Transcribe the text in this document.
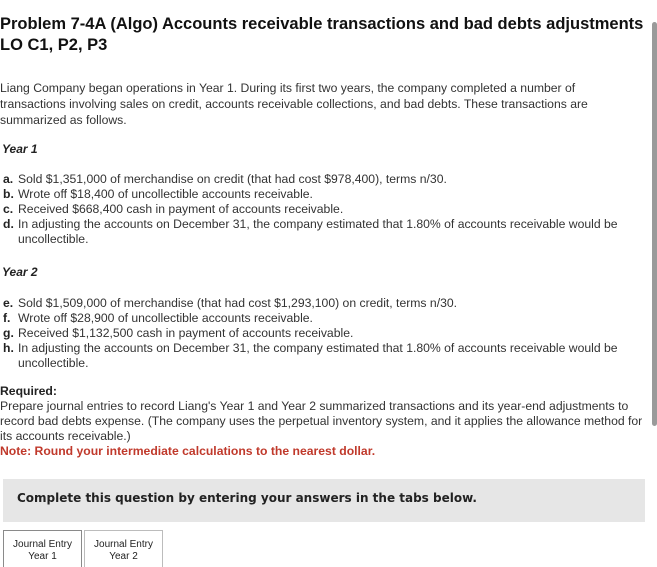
Problem 7-4A (Algo) Accounts receivable transactions and bad debts adjustments LO C1, P2, P3
Liang Company began operations in Year 1. During its first two years, the company completed a number of transactions involving sales on credit, accounts receivable collections, and bad debts. These transactions are summarized as follows.
Year 1
a. Sold $1,351,000 of merchandise on credit (that had cost $978,400), terms n/30.
b. Wrote off $18,400 of uncollectible accounts receivable.
c. Received $668,400 cash in payment of accounts receivable.
d. In adjusting the accounts on December 31, the company estimated that 1.80% of accounts receivable would be uncollectible.
Year 2
e. Sold $1,509,000 of merchandise (that had cost $1,293,100) on credit, terms n/30.
f. Wrote off $28,900 of uncollectible accounts receivable.
g. Received $1,132,500 cash in payment of accounts receivable.
h. In adjusting the accounts on December 31, the company estimated that 1.80% of accounts receivable would be uncollectible.
Required:
Prepare journal entries to record Liang's Year 1 and Year 2 summarized transactions and its year-end adjustments to record bad debts expense. (The company uses the perpetual inventory system, and it applies the allowance method for its accounts receivable.)
Note: Round your intermediate calculations to the nearest dollar.
Complete this question by entering your answers in the tabs below.
Journal Entry
Year 1
Journal Entry
Year 2
